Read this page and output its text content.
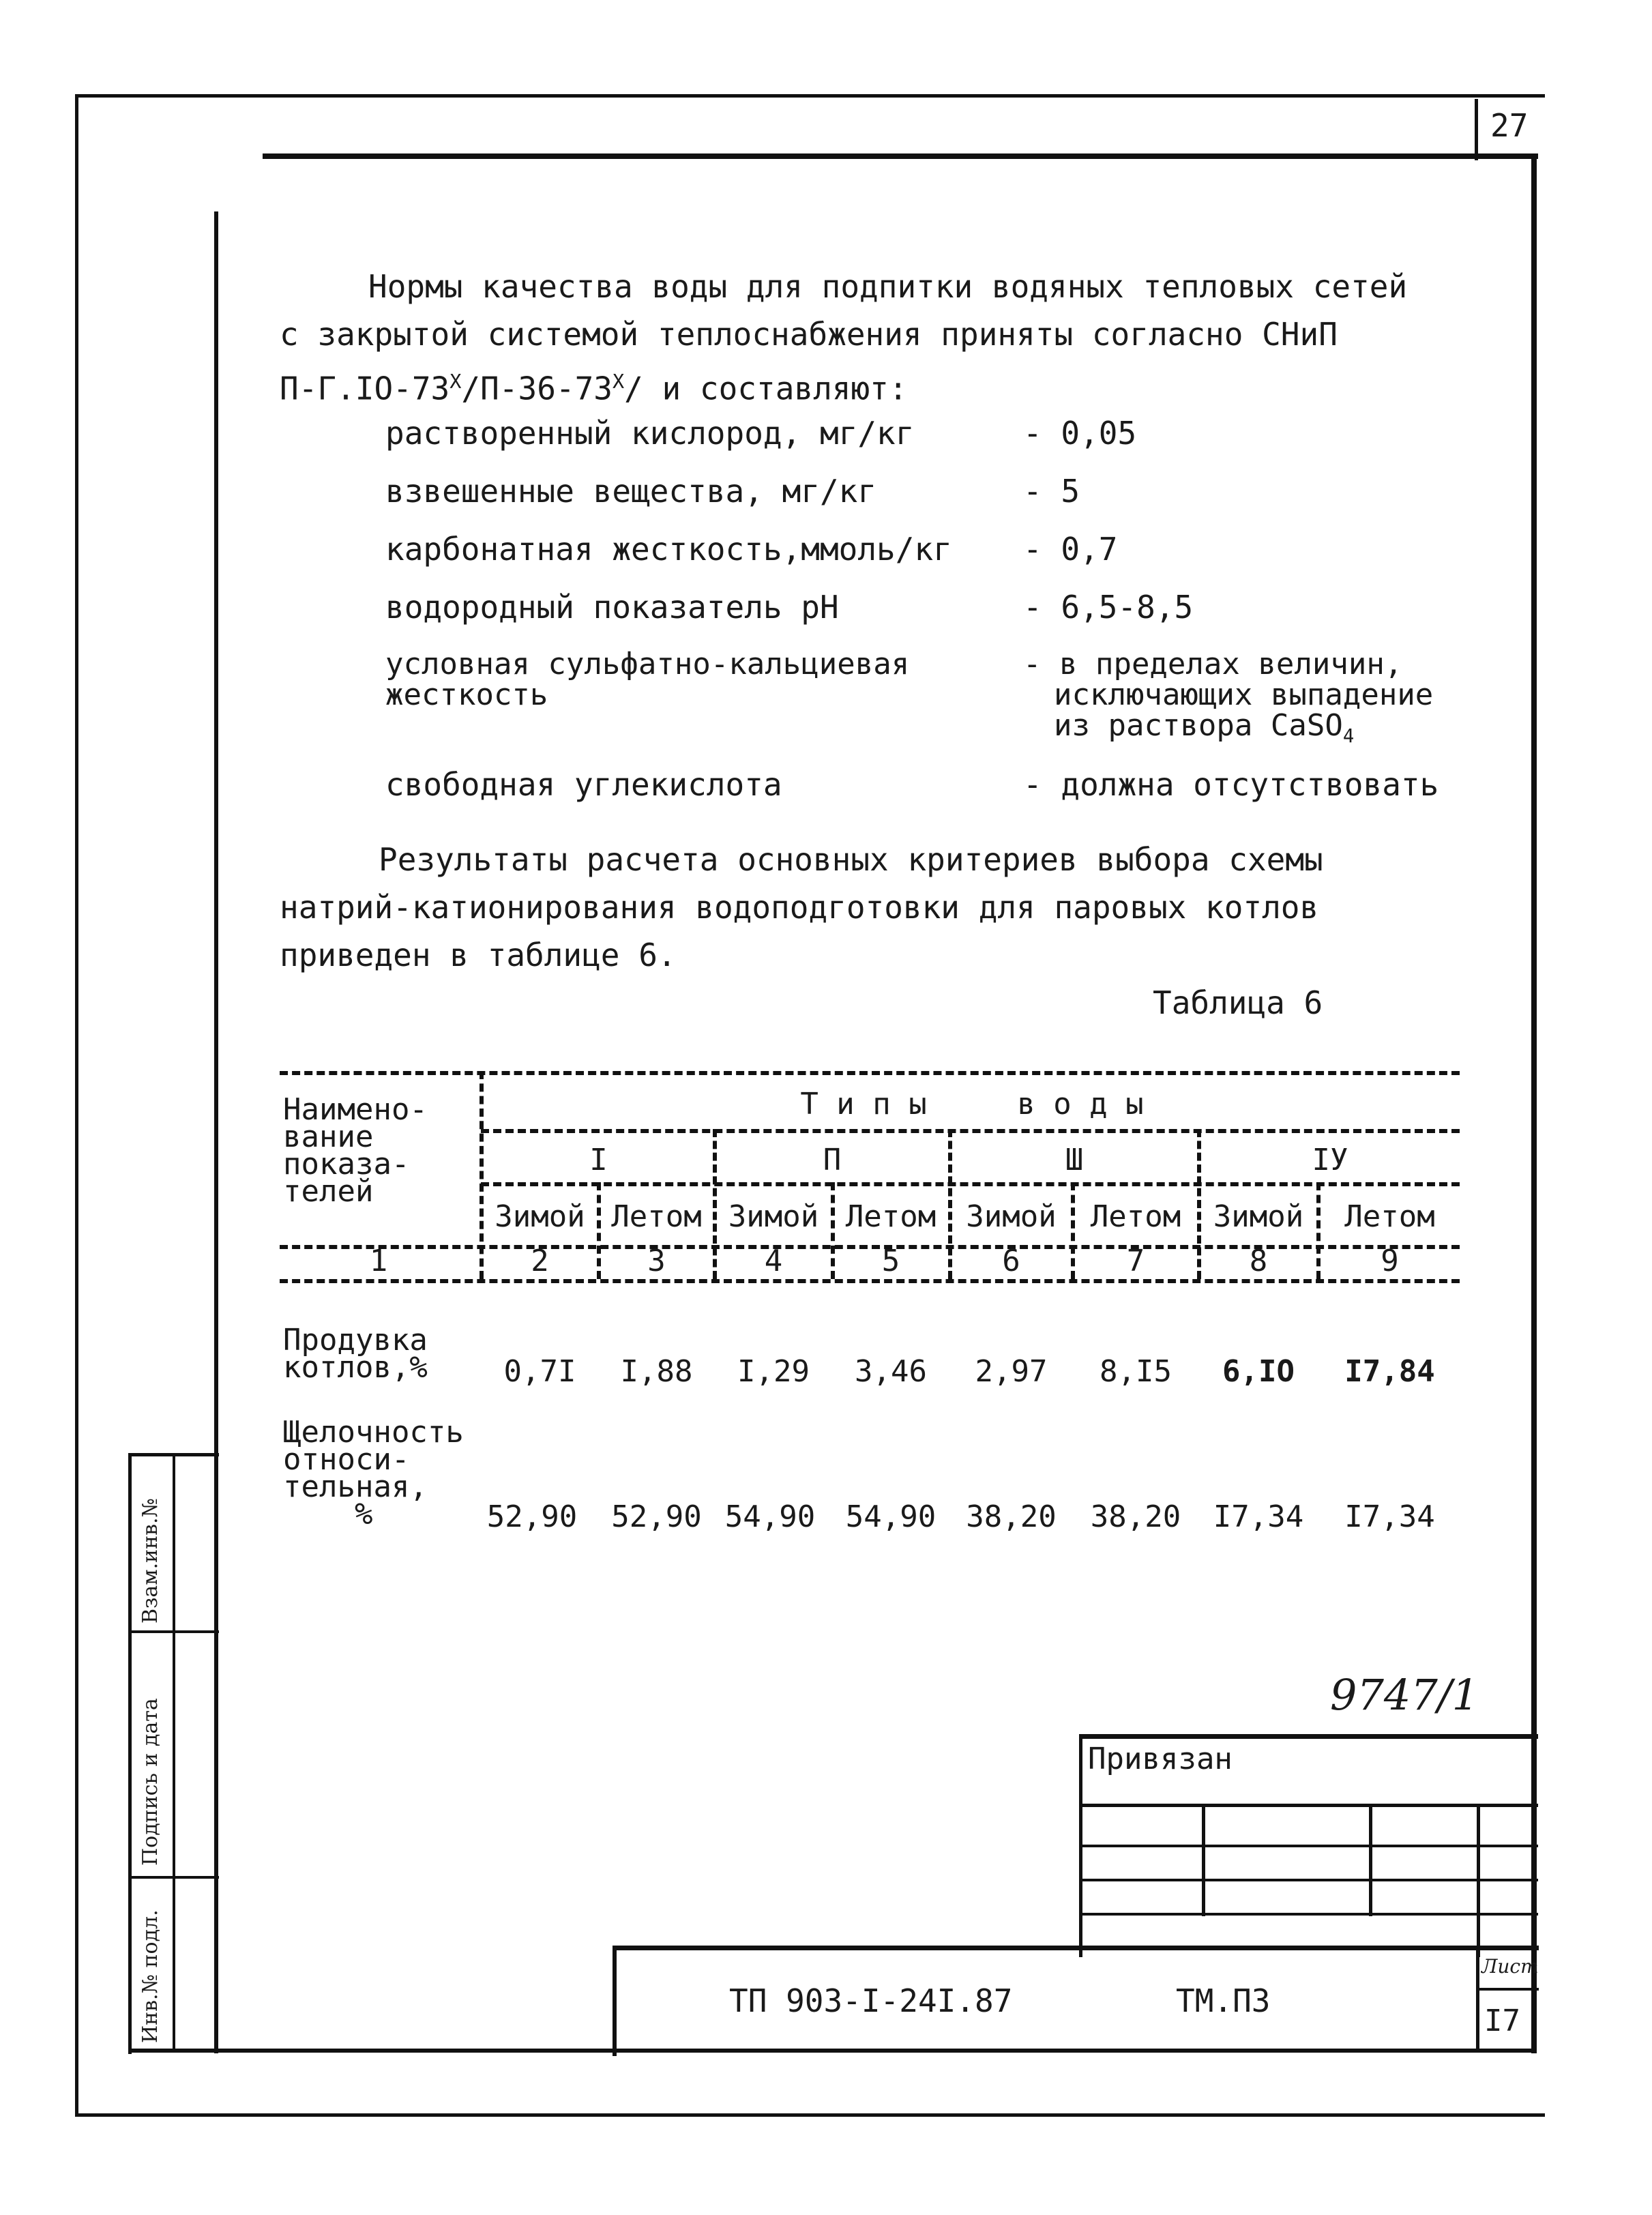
27
Инв.№ подл.
Подпись и дата
Взам.инв.№
Нормы качества воды для подпитки водяных тепловых сетей
с закрытой системой теплоснабжения приняты согласно СНиП
$П-Г.IО-73^X/П-36-73^X/$ и составляют:
растворенный кислород, мг/кг	- 0,05
взвешенные вещества, мг/кг	- 5
карбонатная жесткость,ммоль/кг - 0,7
водородный показатель pH	- 6,5-8,5
условная сульфатно-кальциевая
жесткость
- в пределах величин,
исключающих выпадение
из раствора CaSO$_4$
свободная углекислота	- должна отсутствовать
Результаты расчета основных критериев выбора схемы
натрий-катионирования водоподготовки для паровых котлов
приведен в таблице 6.
Таблица 6
Наимено-
вание
показа-
телей
Т и п ы     в о д ы
I	П	Ш	IУ
Зимой Летом Зимой Летом	Зимой	Летом	Зимой	Летом
1	2	3	4	5	6	7	8	9
Продувка
котлов,%	0,7I	I,88	I,29	3,46	2,97	8,I5	6,IО	I7,84
Щелочность
относи-
тельная,
%	52,90	52,90 54,90	54,90	38,20	38,20	I7,34	I7,34
9747/1
Привязан
ТП 903-I-24I.87	ТМ.ПЗ
Лист
I7
